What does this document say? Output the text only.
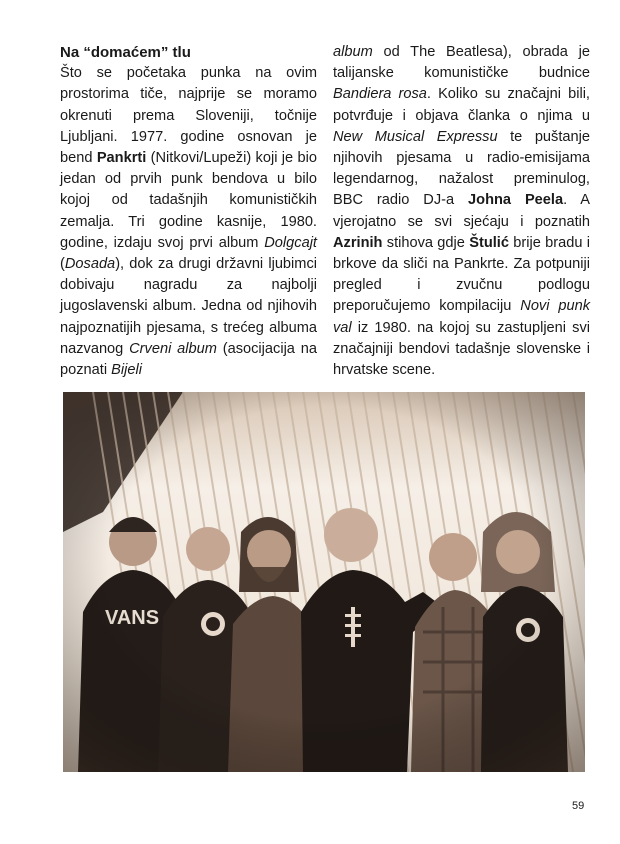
Na “domaćem” tlu
Što se početaka punka na ovim prostorima tiče, najprije se moramo okrenuti prema Sloveniji, točnije Ljubljani. 1977. godine osnovan je bend Pankrti (Nitkovi/Lupeži) koji je bio jedan od prvih punk bendova u bilo kojoj od tadašnjih komunističkih zemalja. Tri godine kasnije, 1980. godine, izdaju svoj prvi album Dolgcajt (Dosada), dok za drugi državni ljubimci dobivaju nagradu za najbolji jugoslavenski album. Jedna od njihovih najpoznatijih pjesama, s trećeg albuma nazvanog Crveni album (asocijacija na poznati Bijeli
album od The Beatlesa), obrada je talijanske komunističke budnice Bandiera rosa. Koliko su značajni bili, potvrđuje i objava članka o njima u New Musical Expressu te puštanje njihovih pjesama u radio-emisijama legendarnog, nažalost preminulog, BBC radio DJ-a Johna Peela. A vjerojatno se svi sjećaju i poznatih Azrinih stihova gdje Štulić brije bradu i brkove da sliči na Pankrte. Za potpuniji pregled i zvučnu podlogu preporučujemo kompilaciju Novi punk val iz 1980. na kojoj su zastupljeni svi značajniji bendovi tadašnje slovenske i hrvatske scene.
59
